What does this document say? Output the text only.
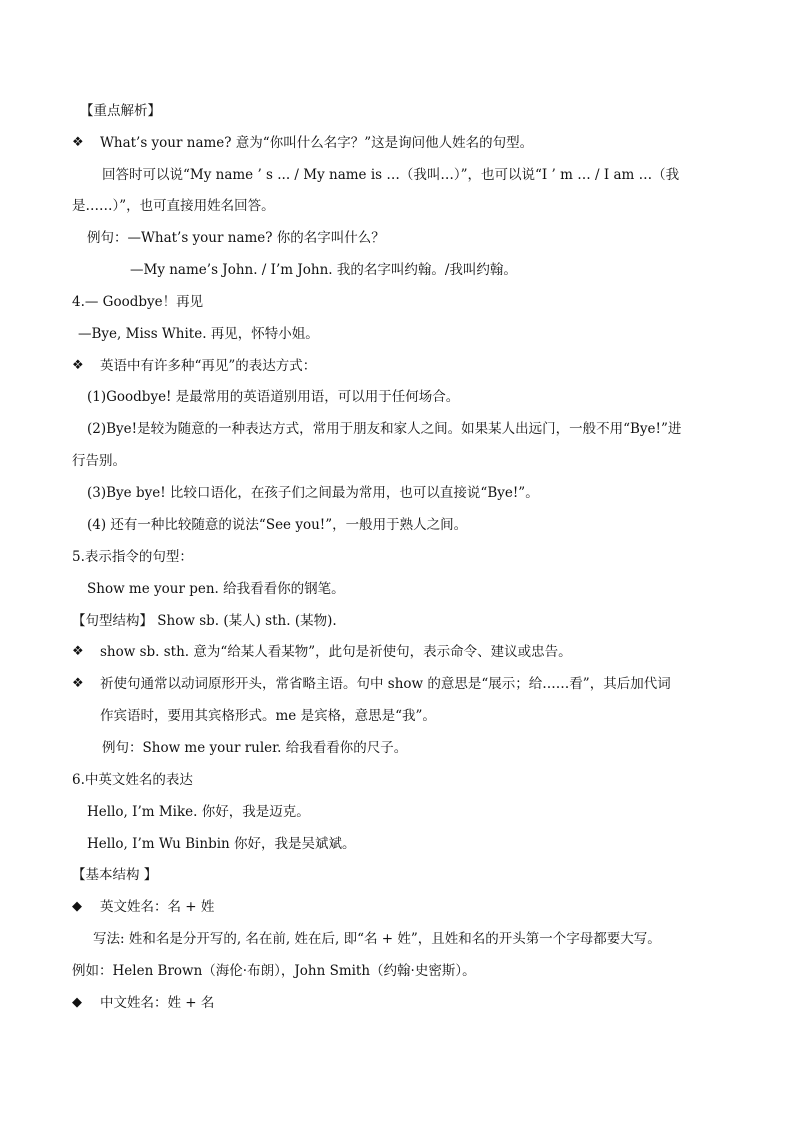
【重点解析】
❖ What’s your name? 意为“你叫什么名字？”这是询问他人姓名的句型。
回答时可以说“My name ’ s ... / My name is …（我叫…）”，也可以说“I ’ m … / I am …（我
是……）”，也可直接用姓名回答。
例句：—What’s your name? 你的名字叫什么？
—My name’s John. / I’m John. 我的名字叫约翰。/我叫约翰。
4.— Goodbye！再见
—Bye, Miss White. 再见，怀特小姐。
❖ 英语中有许多种“再见”的表达方式：
(1)Goodbye! 是最常用的英语道别用语，可以用于任何场合。
(2)Bye!是较为随意的一种表达方式，常用于朋友和家人之间。如果某人出远门，一般不用“Bye!”进
行告别。
(3)Bye bye! 比较口语化，在孩子们之间最为常用，也可以直接说“Bye!”。
(4) 还有一种比较随意的说法“See you!”，一般用于熟人之间。
5.表示指令的句型：
Show me your pen. 给我看看你的钢笔。
【句型结构】 Show sb. (某人) sth. (某物).
❖ show sb. sth. 意为“给某人看某物”，此句是祈使句，表示命令、建议或忠告。
❖ 祈使句通常以动词原形开头，常省略主语。句中 show 的意思是“展示；给……看”，其后加代词
作宾语时，要用其宾格形式。me 是宾格，意思是“我”。
例句：Show me your ruler. 给我看看你的尺子。
6.中英文姓名的表达
Hello, I’m Mike. 你好，我是迈克。
Hello, I’m Wu Binbin 你好，我是吴斌斌。
【基本结构 】
◆ 英文姓名：名 + 姓
写法: 姓和名是分开写的, 名在前, 姓在后, 即“名 + 姓”，且姓和名的开头第一个字母都要大写。
例如：Helen Brown（海伦·布朗），John Smith（约翰·史密斯）。
◆ 中文姓名：姓 + 名
